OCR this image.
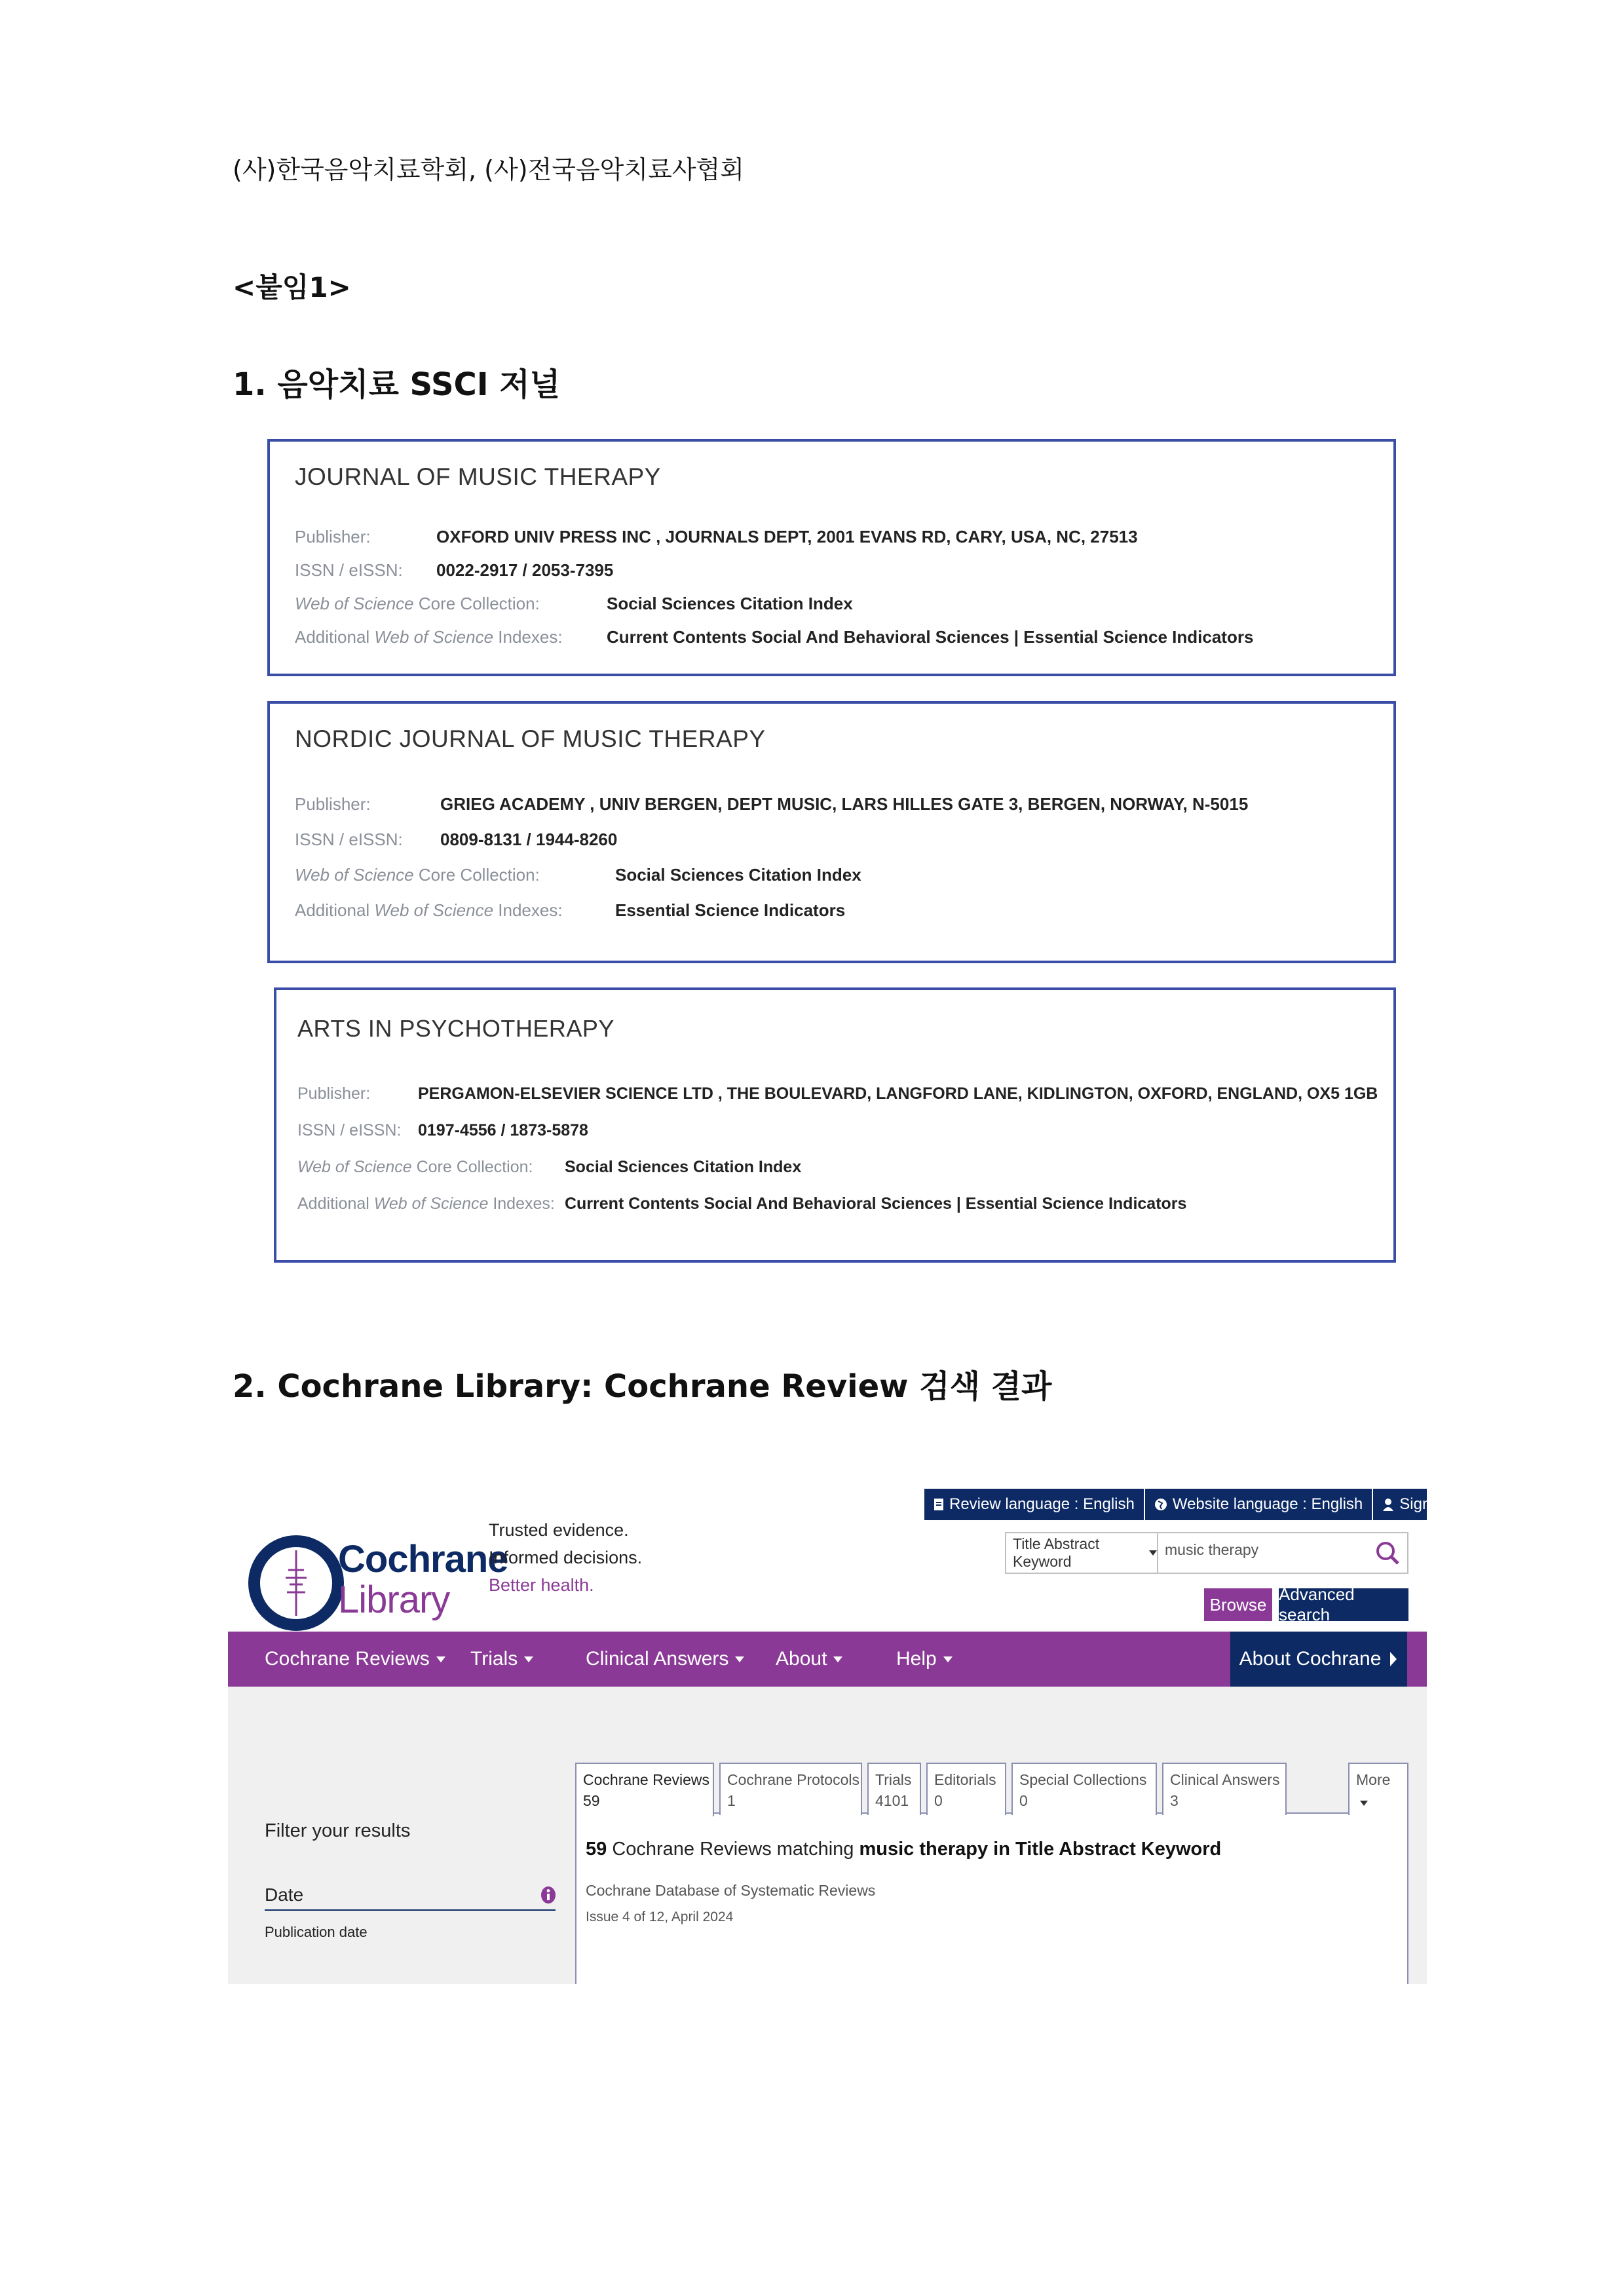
(사)한국음악치료학회, (사)전국음악치료사협회
<붙임1>
1. 음악치료 SSCI 저널
JOURNAL OF MUSIC THERAPY
Publisher:	OXFORD UNIV PRESS INC , JOURNALS DEPT, 2001 EVANS RD, CARY, USA, NC, 27513
ISSN / eISSN: 0022-2917 / 2053-7395
Web of Science Core Collection:	Social Sciences Citation Index
Additional Web of Science Indexes:	Current Contents Social And Behavioral Sciences | Essential Science Indicators
NORDIC JOURNAL OF MUSIC THERAPY
Publisher:	GRIEG ACADEMY , UNIV BERGEN, DEPT MUSIC, LARS HILLES GATE 3, BERGEN, NORWAY, N-5015
ISSN / eISSN: 0809-8131 / 1944-8260
Web of Science Core Collection:	Social Sciences Citation Index
Additional Web of Science Indexes:	Essential Science Indicators
ARTS IN PSYCHOTHERAPY
Publisher:	PERGAMON-ELSEVIER SCIENCE LTD , THE BOULEVARD, LANGFORD LANE, KIDLINGTON, OXFORD, ENGLAND, OX5 1GB
ISSN / eISSN: 0197-4556 / 1873-5878
Web of Science Core Collection: Social Sciences Citation Index
Additional Web of Science Indexes: Current Contents Social And Behavioral Sciences | Essential Science Indicators
2. Cochrane Library: Cochrane Review 검색 결과
Review language : English Website language : English Sign In
Cochrane
Library
Trusted evidence.
Informed decisions.
Better health.
Title Abstract Keyword
music therapy
Browse
Advanced search
Cochrane Reviews Trials	Clinical Answers About	Help	About Cochrane
Filter your results
Date
Publication date
Cochrane Reviews
59
Cochrane Protocols
1
Trials
4101
Editorials
0
Special Collections
0
Clinical Answers
3
More
59 Cochrane Reviews matching music therapy in Title Abstract Keyword
Cochrane Database of Systematic Reviews
Issue 4 of 12, April 2024
